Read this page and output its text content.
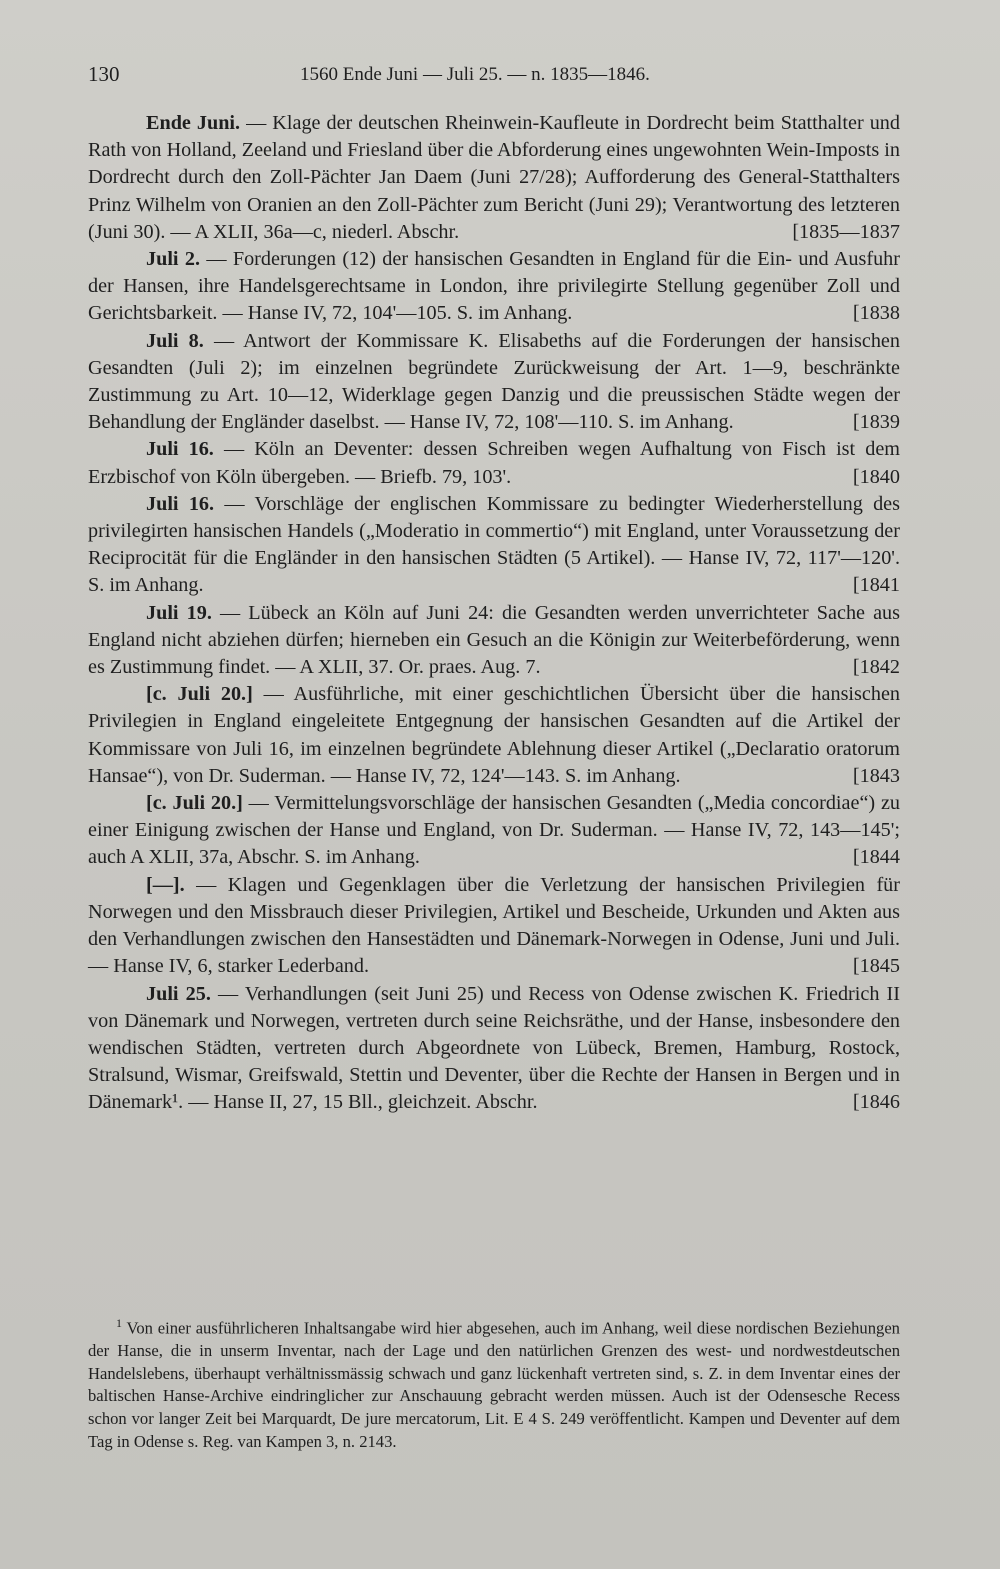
130	1560 Ende Juni — Juli 25. — n. 1835—1846.

Ende Juni. — Klage der deutschen Rheinwein-Kaufleute in Dordrecht beim Statthalter und Rath von Holland, Zeeland und Friesland über die Abforderung eines ungewohnten Wein-Imposts in Dordrecht durch den Zoll-Pächter Jan Daem (Juni 27/28); Aufforderung des General-Statthalters Prinz Wilhelm von Oranien an den Zoll-Pächter zum Bericht (Juni 29); Verantwortung des letzteren (Juni 30). — A XLII, 36a—c, niederl. Abschr.	[1835—1837

Juli 2. — Forderungen (12) der hansischen Gesandten in England für die Ein- und Ausfuhr der Hansen, ihre Handelsgerechtsame in London, ihre privilegirte Stellung gegenüber Zoll und Gerichtsbarkeit. — Hanse IV, 72, 104'—105. S. im Anhang.	[1838

Juli 8. — Antwort der Kommissare K. Elisabeths auf die Forderungen der hansischen Gesandten (Juli 2); im einzelnen begründete Zurückweisung der Art. 1—9, beschränkte Zustimmung zu Art. 10—12, Widerklage gegen Danzig und die preussischen Städte wegen der Behandlung der Engländer daselbst. — Hanse IV, 72, 108'—110. S. im Anhang.	[1839

Juli 16. — Köln an Deventer: dessen Schreiben wegen Aufhaltung von Fisch ist dem Erzbischof von Köln übergeben. — Briefb. 79, 103'.	[1840

Juli 16. — Vorschläge der englischen Kommissare zu bedingter Wiederherstellung des privilegirten hansischen Handels („Moderatio in commertio“) mit England, unter Voraussetzung der Reciprocität für die Engländer in den hansischen Städten (5 Artikel). — Hanse IV, 72, 117'—120'. S. im Anhang.	[1841

Juli 19. — Lübeck an Köln auf Juni 24: die Gesandten werden unverrichteter Sache aus England nicht abziehen dürfen; hierneben ein Gesuch an die Königin zur Weiterbeförderung, wenn es Zustimmung findet. — A XLII, 37. Or. praes. Aug. 7.	[1842

[c. Juli 20.] — Ausführliche, mit einer geschichtlichen Übersicht über die hansischen Privilegien in England eingeleitete Entgegnung der hansischen Gesandten auf die Artikel der Kommissare von Juli 16, im einzelnen begründete Ablehnung dieser Artikel („Declaratio oratorum Hansae“), von Dr. Suderman. — Hanse IV, 72, 124'—143. S. im Anhang.	[1843

[c. Juli 20.] — Vermittelungsvorschläge der hansischen Gesandten („Media concordiae“) zu einer Einigung zwischen der Hanse und England, von Dr. Suderman. — Hanse IV, 72, 143—145'; auch A XLII, 37a, Abschr. S. im Anhang.	[1844

[—]. — Klagen und Gegenklagen über die Verletzung der hansischen Privilegien für Norwegen und den Missbrauch dieser Privilegien, Artikel und Bescheide, Urkunden und Akten aus den Verhandlungen zwischen den Hansestädten und Dänemark-Norwegen in Odense, Juni und Juli. — Hanse IV, 6, starker Lederband.	[1845

Juli 25. — Verhandlungen (seit Juni 25) und Recess von Odense zwischen K. Friedrich II von Dänemark und Norwegen, vertreten durch seine Reichsräthe, und der Hanse, insbesondere den wendischen Städten, vertreten durch Abgeordnete von Lübeck, Bremen, Hamburg, Rostock, Stralsund, Wismar, Greifswald, Stettin und Deventer, über die Rechte der Hansen in Bergen und in Dänemark¹. — Hanse II, 27, 15 Bll., gleichzeit. Abschr.	[1846

$^1$ Von einer ausführlicheren Inhaltsangabe wird hier abgesehen, auch im Anhang, weil diese nordischen Beziehungen der Hanse, die in unserm Inventar, nach der Lage und den natürlichen Grenzen des west- und nordwestdeutschen Handelslebens, überhaupt verhältnissmässig schwach und ganz lückenhaft vertreten sind, s. Z. in dem Inventar eines der baltischen Hanse-Archive eindringlicher zur Anschauung gebracht werden müssen. Auch ist der Odensesche Recess schon vor langer Zeit bei Marquardt, De jure mercatorum, Lit. E 4 S. 249 veröffentlicht. Kampen und Deventer auf dem Tag in Odense s. Reg. van Kampen 3, n. 2143.
